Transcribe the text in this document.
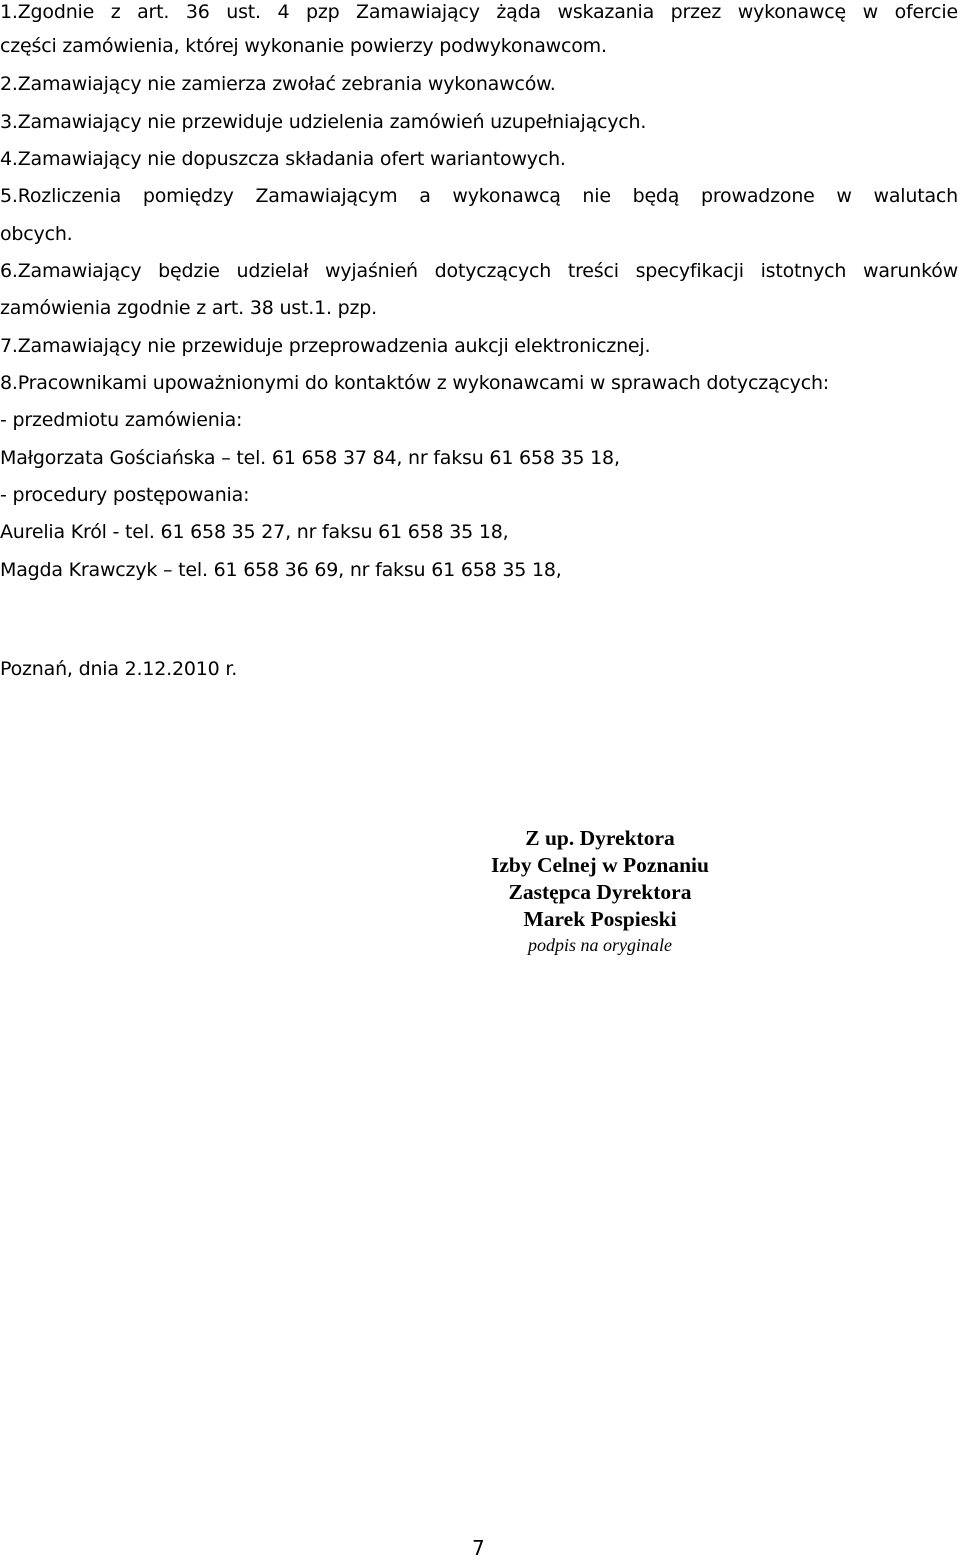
1.Zgodnie z art. 36 ust. 4 pzp Zamawiający żąda wskazania przez wykonawcę w ofercie
części zamówienia, której wykonanie powierzy podwykonawcom.
2.Zamawiający nie zamierza zwołać zebrania wykonawców.
3.Zamawiający nie przewiduje udzielenia zamówień uzupełniających.
4.Zamawiający nie dopuszcza składania ofert wariantowych.
5.Rozliczenia pomiędzy Zamawiającym a wykonawcą nie będą prowadzone w walutach
obcych.
6.Zamawiający będzie udzielał wyjaśnień dotyczących treści specyfikacji istotnych warunków
zamówienia zgodnie z art. 38 ust.1. pzp.
7.Zamawiający nie przewiduje przeprowadzenia aukcji elektronicznej.
8.Pracownikami upoważnionymi do kontaktów z wykonawcami w sprawach dotyczących:
- przedmiotu zamówienia:
Małgorzata Gościańska – tel. 61 658 37 84, nr faksu 61 658 35 18,
- procedury postępowania:
Aurelia Król - tel. 61 658 35 27, nr faksu 61 658 35 18,
Magda Krawczyk – tel. 61 658 36 69, nr faksu 61 658 35 18,
Poznań, dnia 2.12.2010 r.
Z up. Dyrektora
Izby Celnej w Poznaniu
Zastępca Dyrektora
Marek Pospieski
podpis na oryginale
7
